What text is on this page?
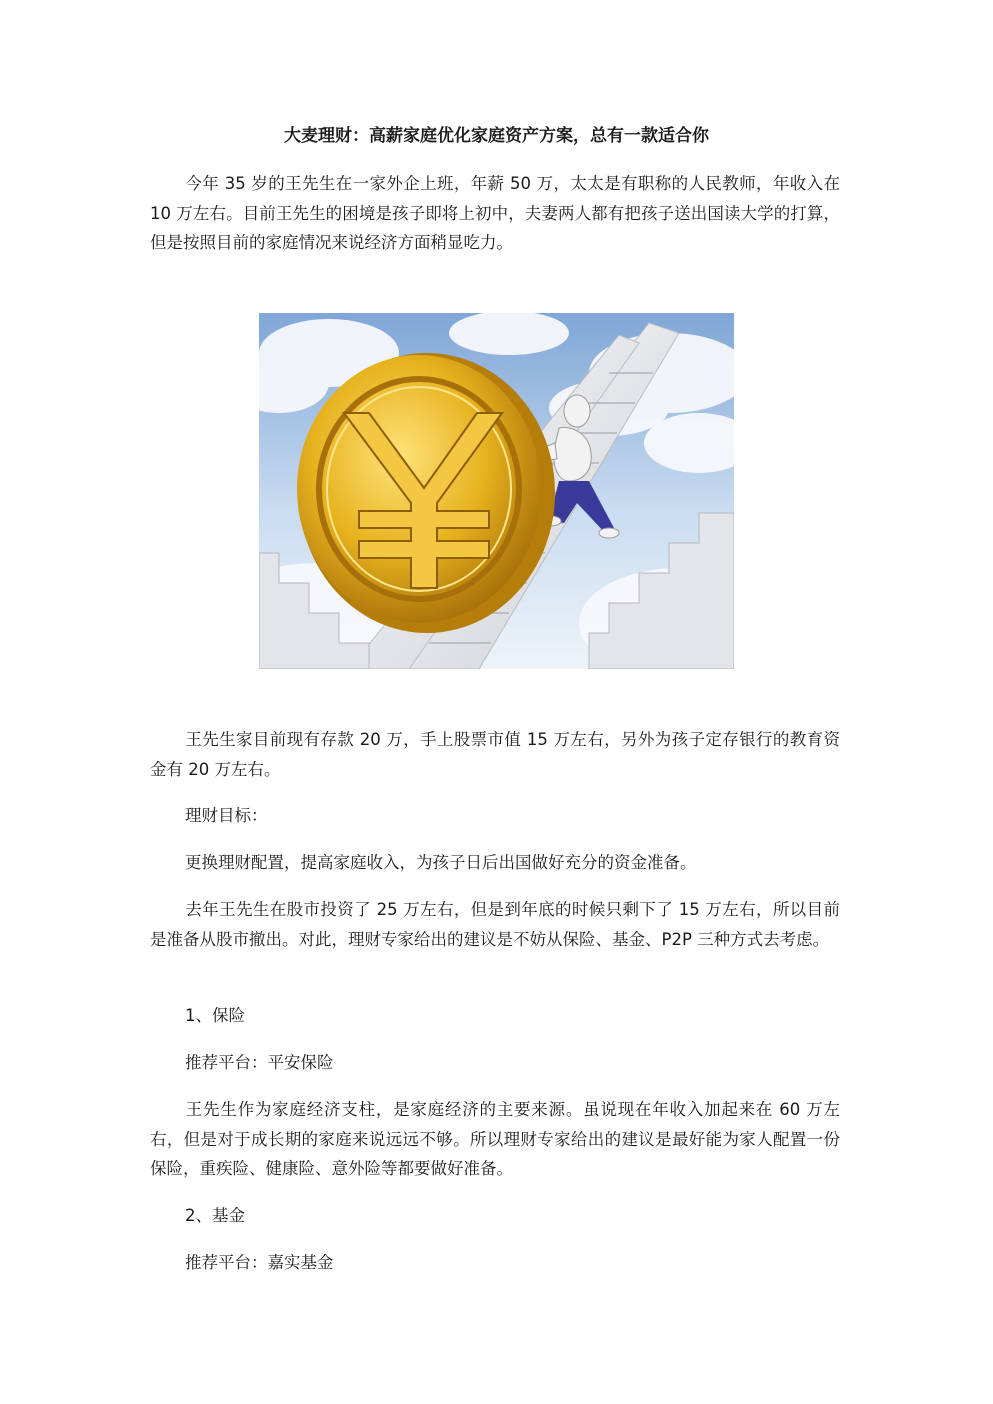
大麦理财：高薪家庭优化家庭资产方案，总有一款适合你

今年 35 岁的王先生在一家外企上班，年薪 50 万，太太是有职称的人民教师，年收入在 10 万左右。目前王先生的困境是孩子即将上初中，夫妻两人都有把孩子送出国读大学的打算，但是按照目前的家庭情况来说经济方面稍显吃力。

王先生家目前现有存款 20 万，手上股票市值 15 万左右，另外为孩子定存银行的教育资金有 20 万左右。

理财目标：

更换理财配置，提高家庭收入，为孩子日后出国做好充分的资金准备。

去年王先生在股市投资了 25 万左右，但是到年底的时候只剩下了 15 万左右，所以目前是准备从股市撤出。对此，理财专家给出的建议是不妨从保险、基金、P2P 三种方式去考虑。

1、保险

推荐平台：平安保险

王先生作为家庭经济支柱，是家庭经济的主要来源。虽说现在年收入加起来在 60 万左右，但是对于成长期的家庭来说远远不够。所以理财专家给出的建议是最好能为家人配置一份保险，重疾险、健康险、意外险等都要做好准备。

2、基金

推荐平台：嘉实基金
